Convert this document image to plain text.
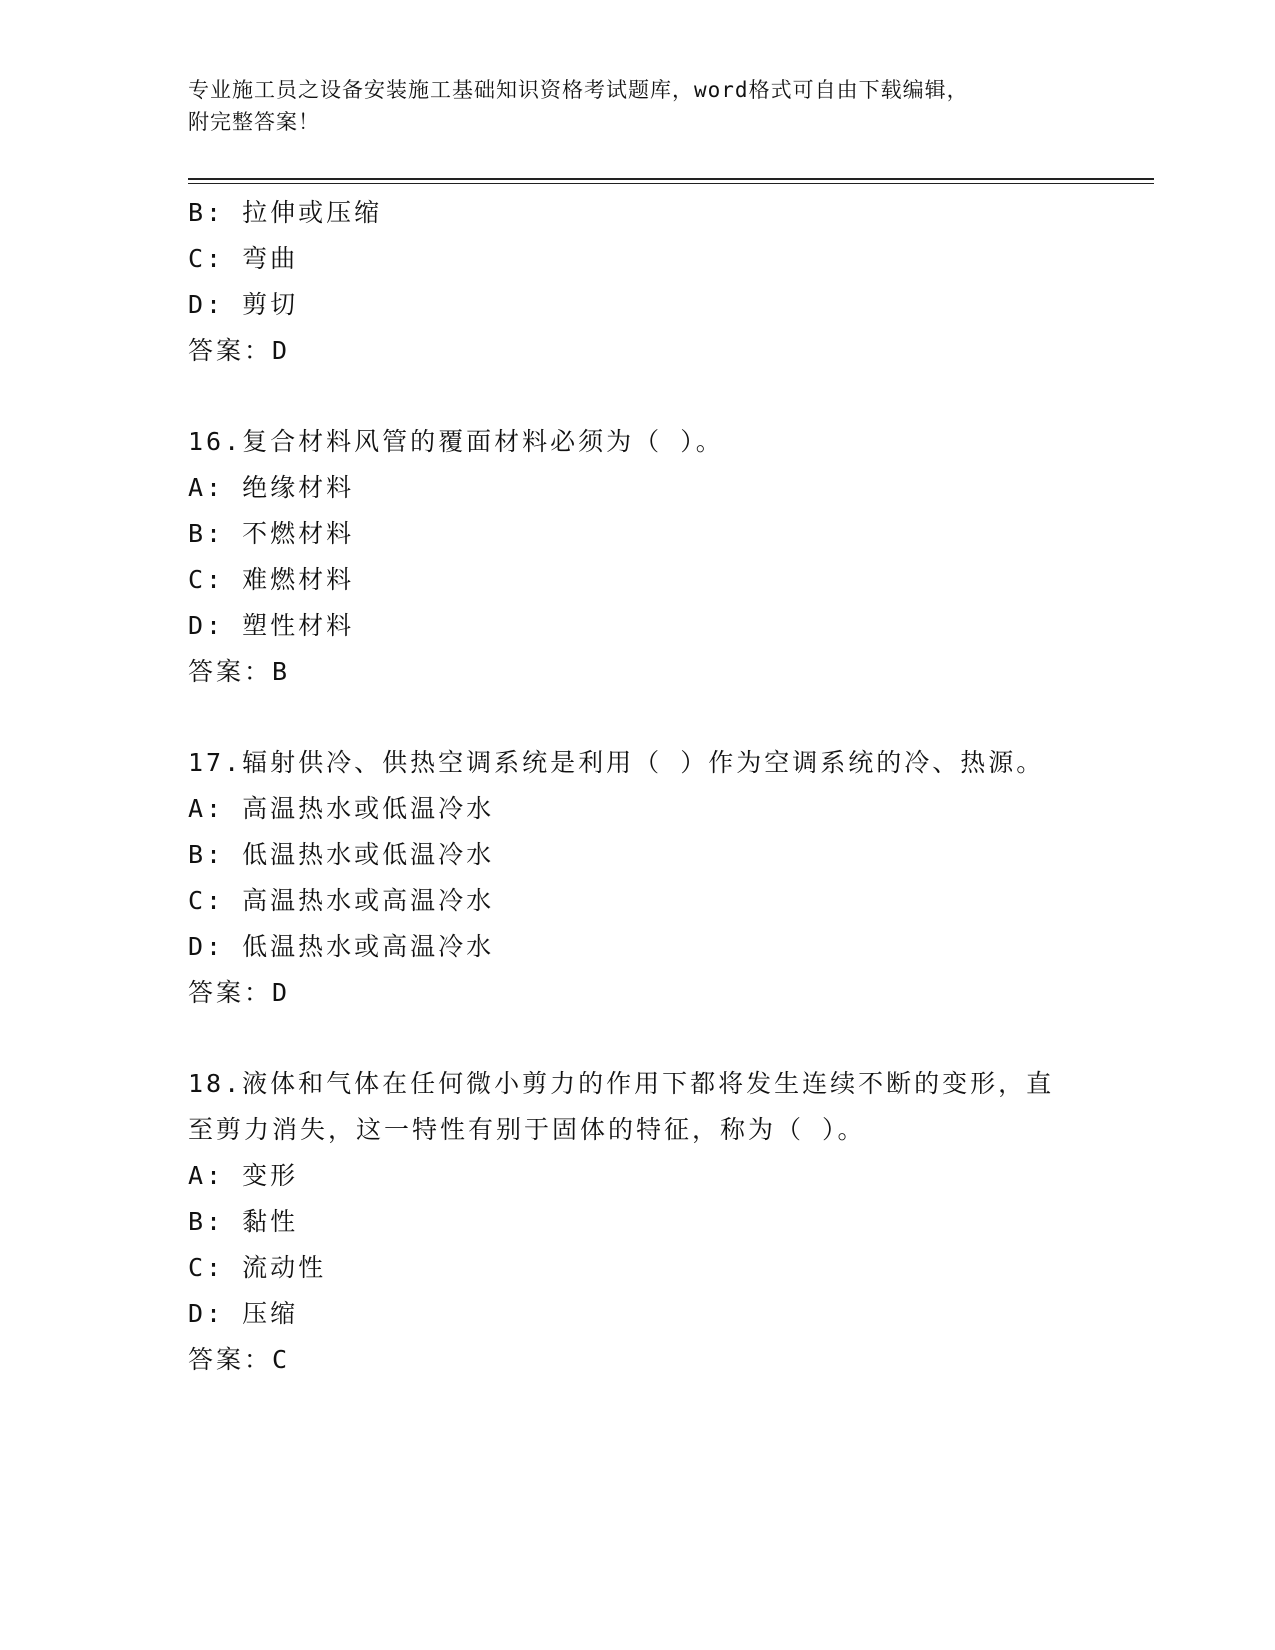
专业施工员之设备安装施工基础知识资格考试题库，word格式可自由下载编辑，
附完整答案！
B: 拉伸或压缩
C: 弯曲
D: 剪切
答案：D
16.复合材料风管的覆面材料必须为（ ）。
A: 绝缘材料
B: 不燃材料
C: 难燃材料
D: 塑性材料
答案：B
17.辐射供冷、供热空调系统是利用（ ）作为空调系统的冷、热源。
A: 高温热水或低温冷水
B: 低温热水或低温冷水
C: 高温热水或高温冷水
D: 低温热水或高温冷水
答案：D
18.液体和气体在任何微小剪力的作用下都将发生连续不断的变形，直
至剪力消失，这一特性有别于固体的特征，称为（ ）。
A: 变形
B: 黏性
C: 流动性
D: 压缩
答案：C
